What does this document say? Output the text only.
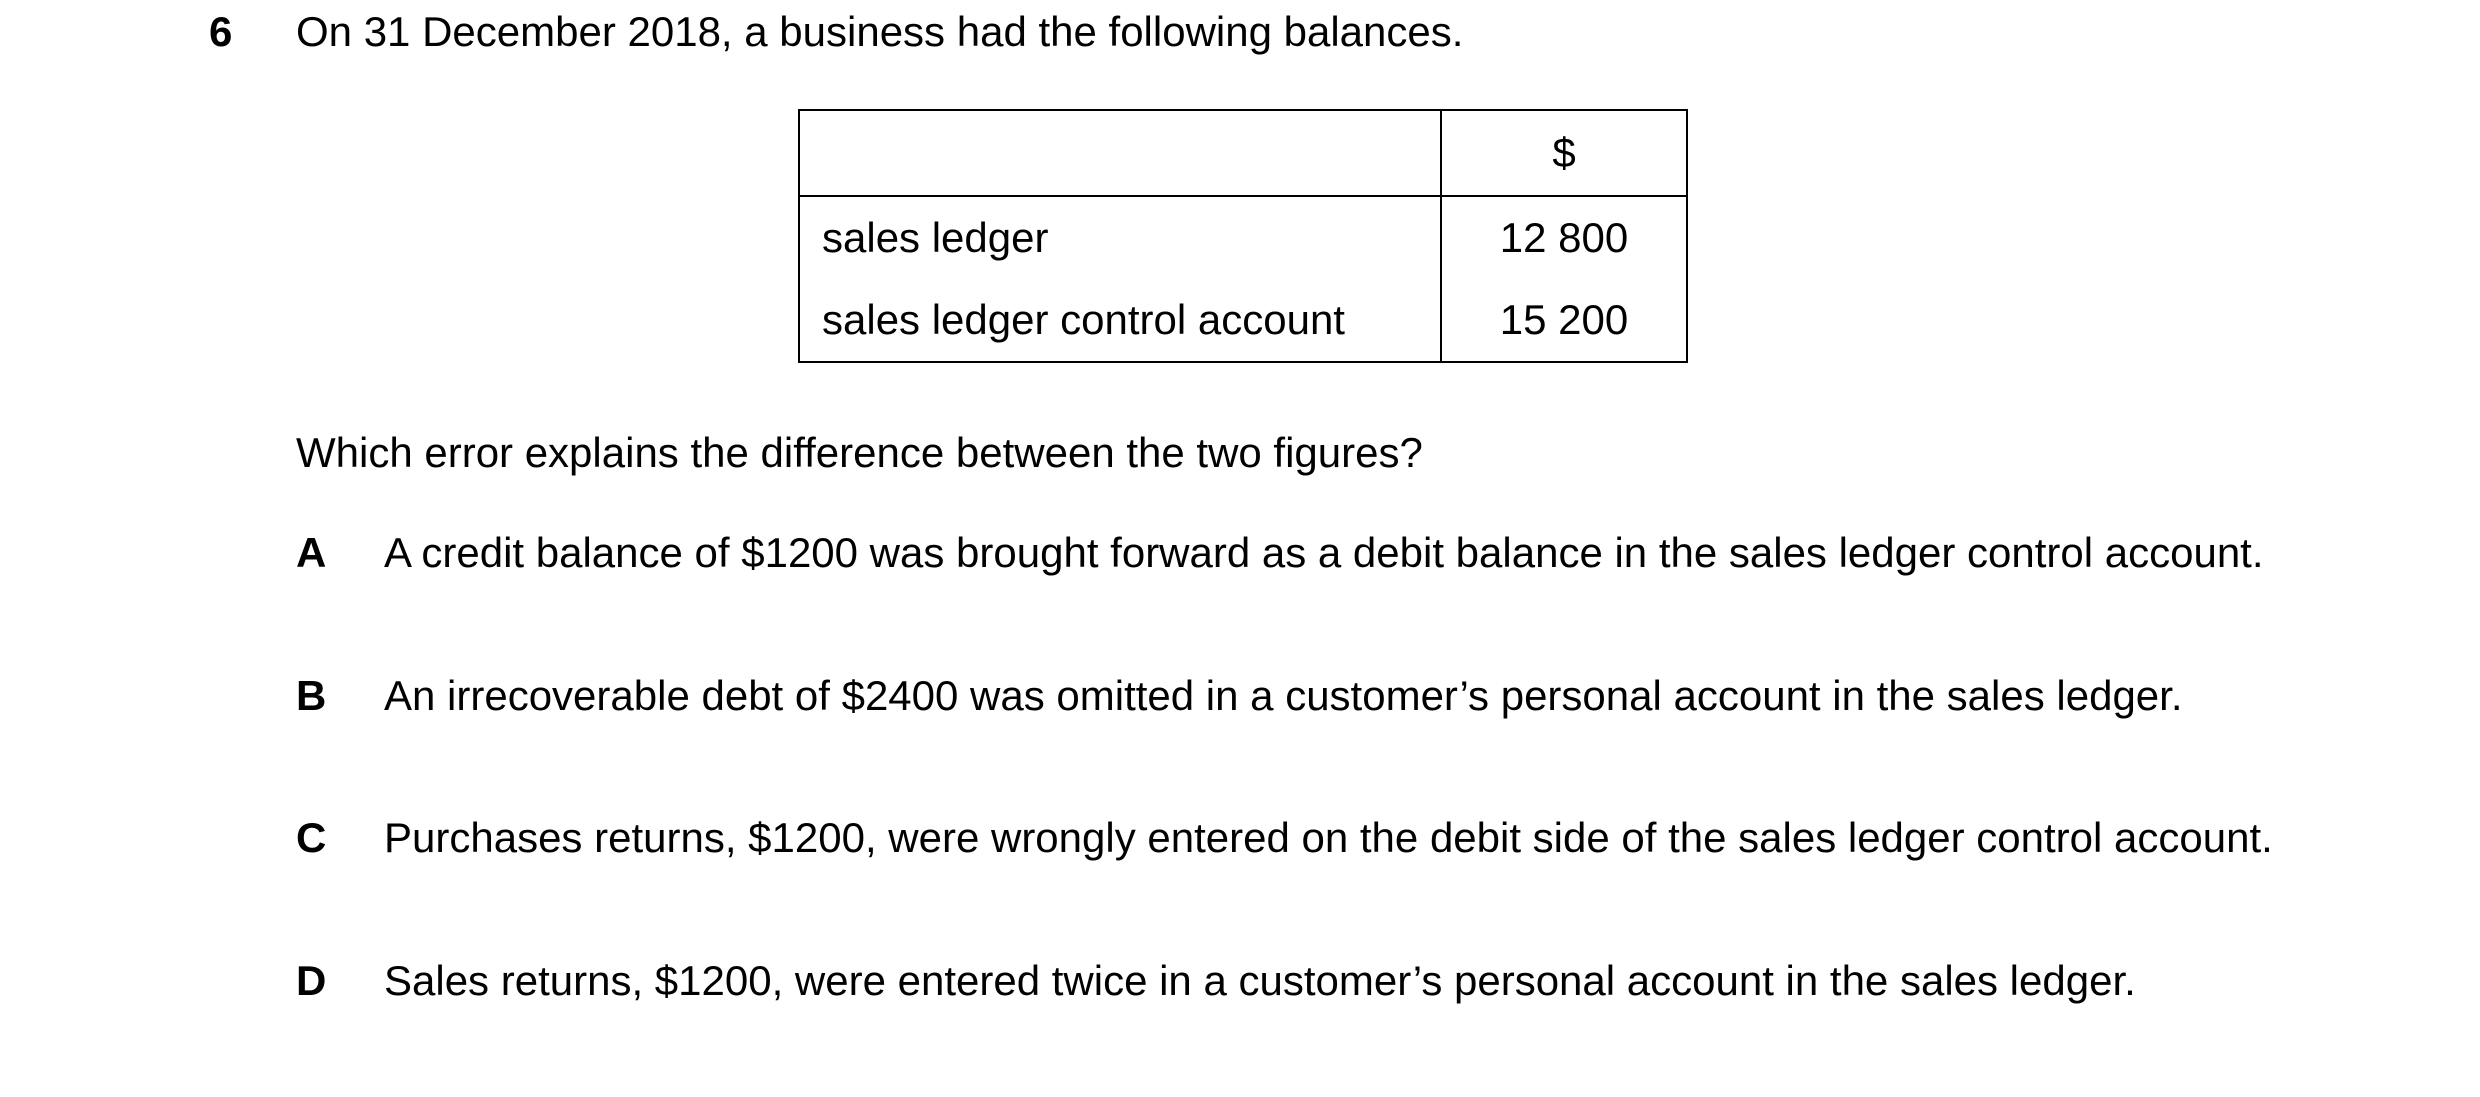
6 On 31 December 2018, a business had the following balances.
	$
sales ledger	12 800
sales ledger control account	15 200
Which error explains the difference between the two figures?
A A credit balance of $1200 was brought forward as a debit balance in the sales ledger control account.
B An irrecoverable debt of $2400 was omitted in a customer’s personal account in the sales ledger.
C Purchases returns, $1200, were wrongly entered on the debit side of the sales ledger control account.
D Sales returns, $1200, were entered twice in a customer’s personal account in the sales ledger.
